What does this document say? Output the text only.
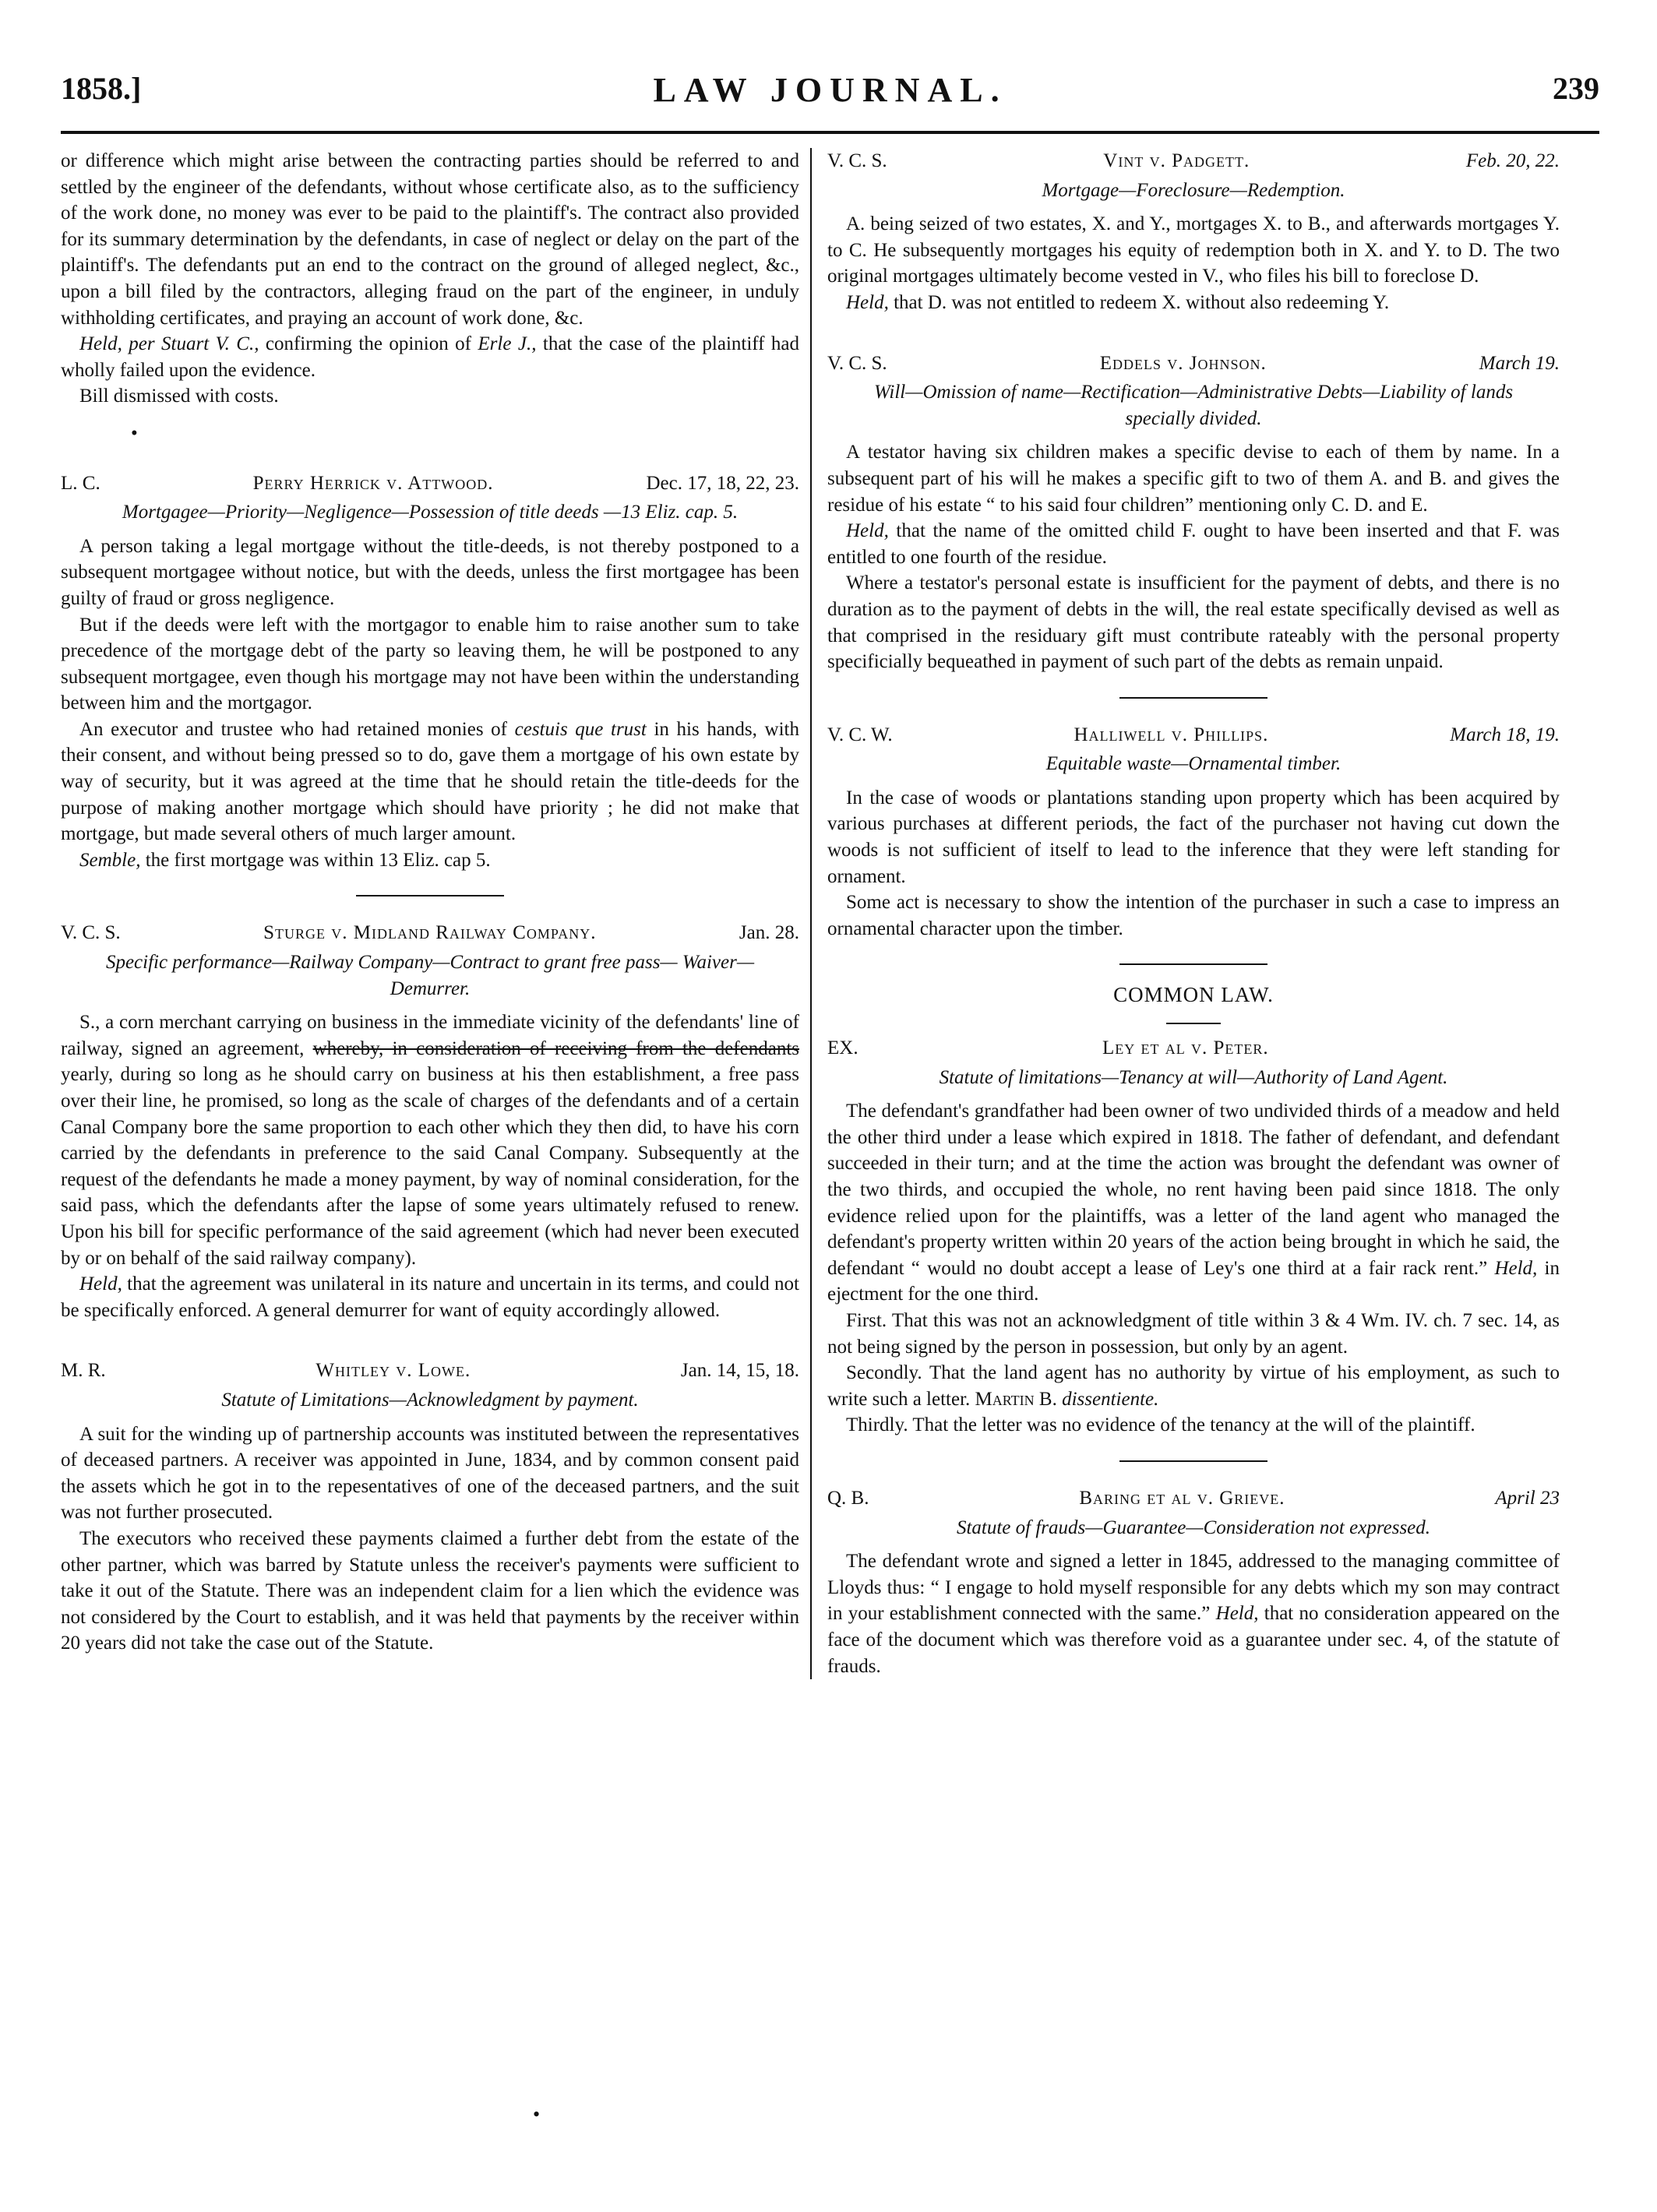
1858.]	LAW JOURNAL.	239

or difference which might arise between the contracting parties should be referred to and settled by the engineer of the defendants, without whose certificate also, as to the sufficiency of the work done, no money was ever to be paid to the plaintiff's. The contract also provided for its summary determination by the defendants, in case of neglect or delay on the part of the plaintiff's. The defendants put an end to the contract on the ground of alleged neglect, &c., upon a bill filed by the contractors, alleging fraud on the part of the engineer, in unduly withholding certificates, and praying an account of work done, &c.

Held, per Stuart V. C., confirming the opinion of Erle J., that the case of the plaintiff had wholly failed upon the evidence.

Bill dismissed with costs.

•
L. C.	Perry Herrick v. Attwood.	Dec. 17, 18, 22, 23.
Mortgagee—Priority—Negligence—Possession of title deeds —13 Eliz. cap. 5.

A person taking a legal mortgage without the title-deeds, is not thereby postponed to a subsequent mortgagee without notice, but with the deeds, unless the first mortgagee has been guilty of fraud or gross negligence.

But if the deeds were left with the mortgagor to enable him to raise another sum to take precedence of the mortgage debt of the party so leaving them, he will be postponed to any subsequent mortgagee, even though his mortgage may not have been within the understanding between him and the mortgagor.

An executor and trustee who had retained monies of cestuis que trust in his hands, with their consent, and without being pressed so to do, gave them a mortgage of his own estate by way of security, but it was agreed at the time that he should retain the title-deeds for the purpose of making another mortgage which should have priority ; he did not make that mortgage, but made several others of much larger amount.

Semble, the first mortgage was within 13 Eliz. cap 5.

V. C. S.	Sturge v. Midland Railway Company.	Jan. 28.
Specific performance—Railway Company—Contract to grant free pass— Waiver—Demurrer.

S., a corn merchant carrying on business in the immediate vicinity of the defendants' line of railway, signed an agreement, whereby, in consideration of receiving from the defendants yearly, during so long as he should carry on business at his then establishment, a free pass over their line, he promised, so long as the scale of charges of the defendants and of a certain Canal Company bore the same proportion to each other which they then did, to have his corn carried by the defendants in preference to the said Canal Company. Subsequently at the request of the defendants he made a money payment, by way of nominal consideration, for the said pass, which the defendants after the lapse of some years ultimately refused to renew. Upon his bill for specific performance of the said agreement (which had never been executed by or on behalf of the said railway company).

Held, that the agreement was unilateral in its nature and uncertain in its terms, and could not be specifically enforced. A general demurrer for want of equity accordingly allowed.

M. R.	Whitley v. Lowe.	Jan. 14, 15, 18.
Statute of Limitations—Acknowledgment by payment.

A suit for the winding up of partnership accounts was instituted between the representatives of deceased partners. A receiver was appointed in June, 1834, and by common consent paid the assets which he got in to the repesentatives of one of the deceased partners, and the suit was not further prosecuted.

The executors who received these payments claimed a further debt from the estate of the other partner, which was barred by Statute unless the receiver's payments were sufficient to take it out of the Statute. There was an independent claim for a lien which the evidence was not considered by the Court to establish, and it was held that payments by the receiver within 20 years did not take the case out of the Statute.

V. C. S.	Vint v. Padgett.	Feb. 20, 22.
Mortgage—Foreclosure—Redemption.

A. being seized of two estates, X. and Y., mortgages X. to B., and afterwards mortgages Y. to C. He subsequently mortgages his equity of redemption both in X. and Y. to D. The two original mortgages ultimately become vested in V., who files his bill to foreclose D.

Held, that D. was not entitled to redeem X. without also redeeming Y.

V. C. S.	Eddels v. Johnson.	March 19.
Will—Omission of name—Rectification—Administrative Debts—Liability of lands specially divided.

A testator having six children makes a specific devise to each of them by name. In a subsequent part of his will he makes a specific gift to two of them A. and B. and gives the residue of his estate “ to his said four children” mentioning only C. D. and E.

Held, that the name of the omitted child F. ought to have been inserted and that F. was entitled to one fourth of the residue.

Where a testator's personal estate is insufficient for the payment of debts, and there is no duration as to the payment of debts in the will, the real estate specifically devised as well as that comprised in the residuary gift must contribute rateably with the personal property specificially bequeathed in payment of such part of the debts as remain unpaid.

V. C. W.	Halliwell v. Phillips.	March 18, 19.
Equitable waste—Ornamental timber.

In the case of woods or plantations standing upon property which has been acquired by various purchases at different periods, the fact of the purchaser not having cut down the woods is not sufficient of itself to lead to the inference that they were left standing for ornament.

Some act is necessary to show the intention of the purchaser in such a case to impress an ornamental character upon the timber.

COMMON LAW.
EX.	Ley et al v. Peter.
Statute of limitations—Tenancy at will—Authority of Land Agent.

The defendant's grandfather had been owner of two undivided thirds of a meadow and held the other third under a lease which expired in 1818. The father of defendant, and defendant succeeded in their turn; and at the time the action was brought the defendant was owner of the two thirds, and occupied the whole, no rent having been paid since 1818. The only evidence relied upon for the plaintiffs, was a letter of the land agent who managed the defendant's property written within 20 years of the action being brought in which he said, the defendant “ would no doubt accept a lease of Ley's one third at a fair rack rent.” Held, in ejectment for the one third.

First. That this was not an acknowledgment of title within 3 & 4 Wm. IV. ch. 7 sec. 14, as not being signed by the person in possession, but only by an agent.

Secondly. That the land agent has no authority by virtue of his employment, as such to write such a letter. Martin B. dissentiente.

Thirdly. That the letter was no evidence of the tenancy at the will of the plaintiff.

Q. B.	Baring et al v. Grieve.	April 23
Statute of frauds—Guarantee—Consideration not expressed.

The defendant wrote and signed a letter in 1845, addressed to the managing committee of Lloyds thus: “ I engage to hold myself responsible for any debts which my son may contract in your establishment connected with the same.” Held, that no consideration appeared on the face of the document which was therefore void as a guarantee under sec. 4, of the statute of frauds.

•
